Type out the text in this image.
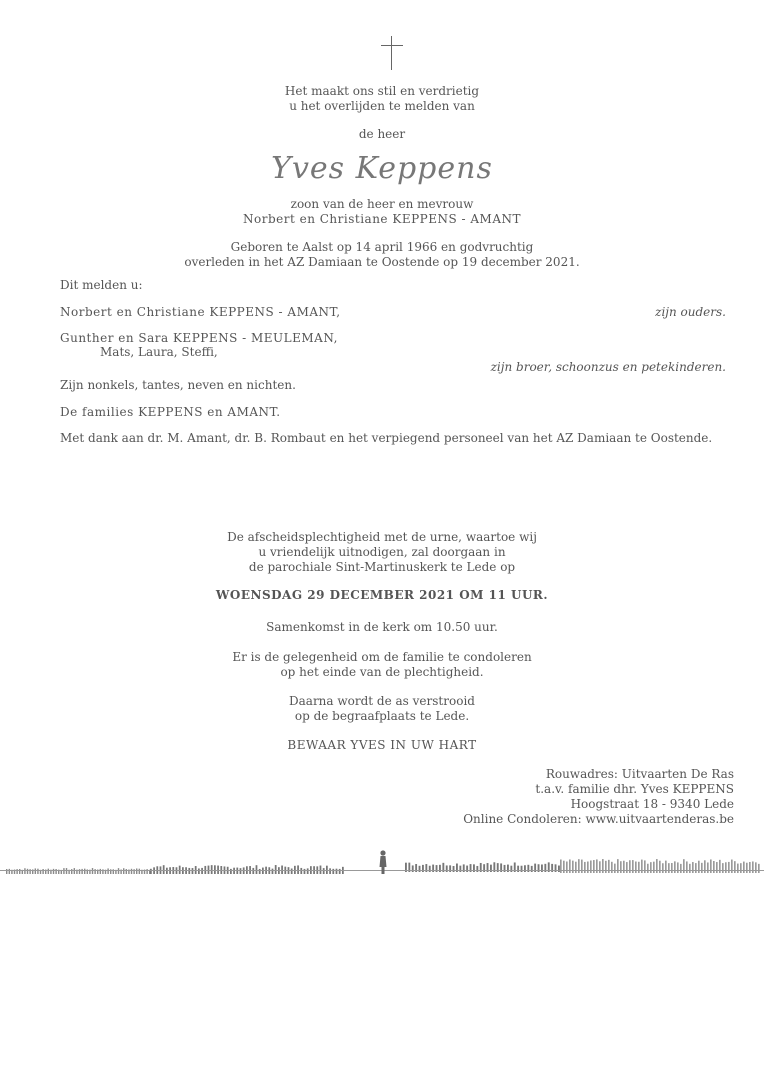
Het maakt ons stil en verdrietig
u het overlijden te melden van
de heer
Yves Keppens
zoon van de heer en mevrouw
Norbert en Christiane KEPPENS - AMANT
Geboren te Aalst op 14 april 1966 en godvruchtig
overleden in het AZ Damiaan te Oostende op 19 december 2021.
Dit melden u:
Norbert en Christiane KEPPENS - AMANT,	zijn ouders.
Gunther en Sara KEPPENS - MEULEMAN,
Mats, Laura, Steffi,
zijn broer, schoonzus en petekinderen.
Zijn nonkels, tantes, neven en nichten.
De families KEPPENS en AMANT.
Met dank aan dr. M. Amant, dr. B. Rombaut en het verpiegend personeel van het AZ Damiaan te Oostende.
De afscheidsplechtigheid met de urne, waartoe wij
u vriendelijk uitnodigen, zal doorgaan in
de parochiale Sint-Martinuskerk te Lede op
WOENSDAG 29 DECEMBER 2021 OM 11 UUR.
Samenkomst in de kerk om 10.50 uur.
Er is de gelegenheid om de familie te condoleren
op het einde van de plechtigheid.
Daarna wordt de as verstrooid
op de begraafplaats te Lede.
BEWAAR YVES IN UW HART
Rouwadres: Uitvaarten De Ras
t.a.v. familie dhr. Yves KEPPENS
Hoogstraat 18 - 9340 Lede
Online Condoleren: www.uitvaartenderas.be
